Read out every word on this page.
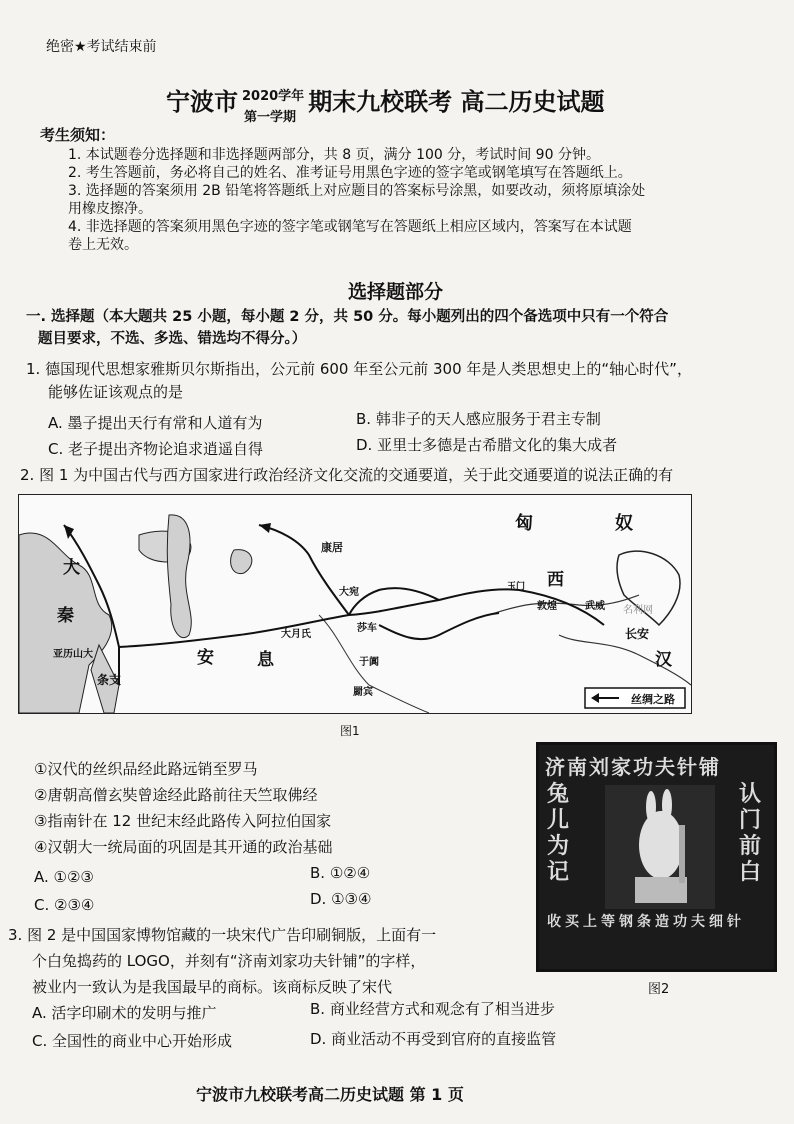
绝密★考试结束前
宁波市 $^{2020学年}$ 期末九校联考 高二历史试题
第一学期
考生须知：
1. 本试题卷分选择题和非选择题两部分，共 8 页，满分 100 分，考试时间 90 分钟。
2. 考生答题前，务必将自己的姓名、准考证号用黑色字迹的签字笔或钢笔填写在答题纸上。
3. 选择题的答案须用 2B 铅笔将答题纸上对应题目的答案标号涂黑，如要改动，须将原填涂处
用橡皮擦净。
4. 非选择题的答案须用黑色字迹的签字笔或钢笔写在答题纸上相应区域内，答案写在本试题
卷上无效。
选择题部分
一. 选择题（本大题共 25 小题，每小题 2 分，共 50 分。每小题列出的四个备选项中只有一个符合
题目要求，不选、多选、错选均不得分。）
1. 德国现代思想家雅斯贝尔斯指出，公元前 600 年至公元前 300 年是人类思想史上的“轴心时代”，
能够佐证该观点的是
A. 墨子提出天行有常和人道有为	B. 韩非子的天人感应服务于君主专制
C. 老子提出齐物论追求逍遥自得	D. 亚里士多德是古希腊文化的集大成者
2. 图 1 为中国古代与西方国家进行政治经济文化交流的交通要道，关于此交通要道的说法正确的有
匈	奴
大
秦
安	息
西
汉
长安
康居
大宛
大月氏
于阗
莎车
玉门
敦煌	武威
亚历山大
条支
罽宾
丝绸之路
名利网
图1
①汉代的丝织品经此路远销至罗马
②唐朝高僧玄奘曾途经此路前往天竺取佛经
③指南针在 12 世纪末经此路传入阿拉伯国家
④汉朝大一统局面的巩固是其开通的政治基础
A. ①②③	B. ①②④
C. ②③④	D. ①③④
济南刘家功夫针铺
认门前白
兔儿为记
收买上等钢条造功夫细针
图2
3. 图 2 是中国国家博物馆藏的一块宋代广告印刷铜版，上面有一
个白兔捣药的 LOGO，并刻有“济南刘家功夫针铺”的字样，
被业内一致认为是我国最早的商标。该商标反映了宋代
A. 活字印刷术的发明与推广	B. 商业经营方式和观念有了相当进步
C. 全国性的商业中心开始形成	D. 商业活动不再受到官府的直接监管
宁波市九校联考高二历史试题 第 1 页
